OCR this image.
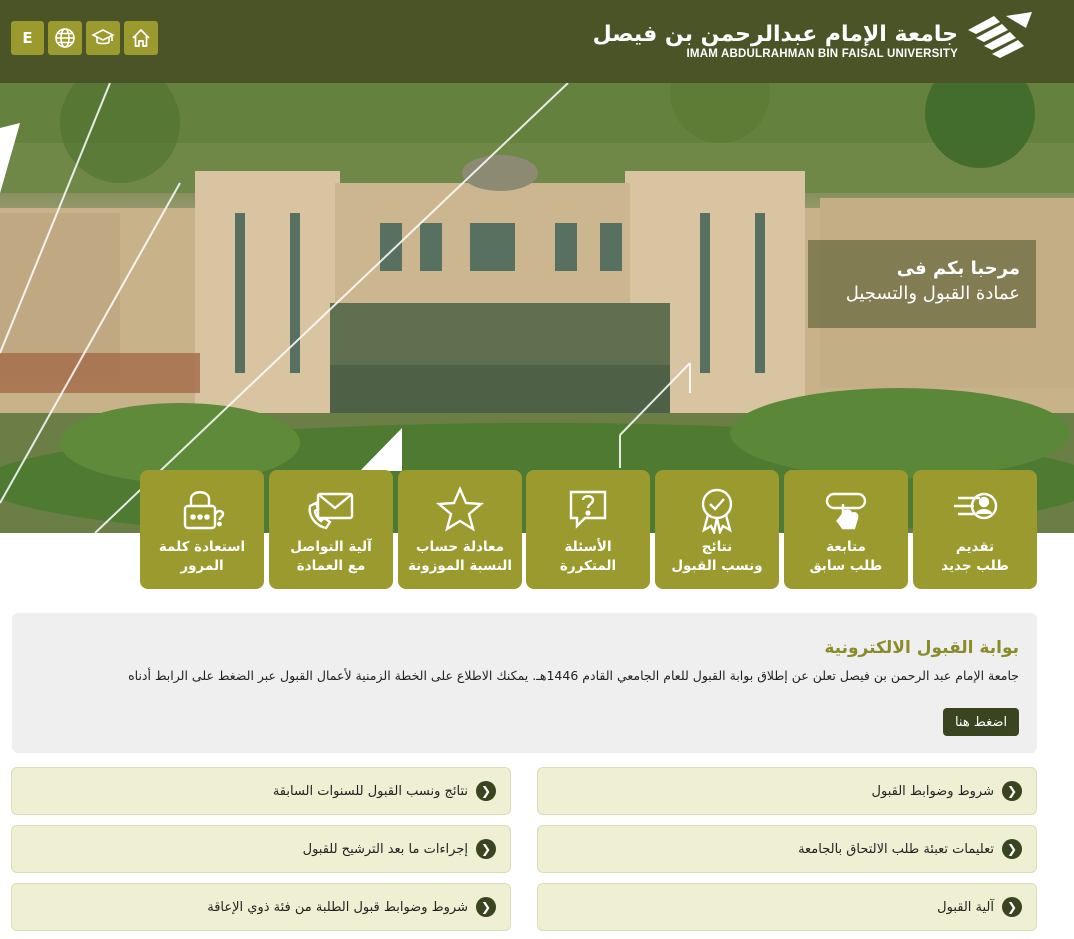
E	جامعة الإمام عبدالرحمن بن فيصل
IMAM ABDULRAHMAN BIN FAISAL UNIVERSITY
مرحبا بكم فى
عمادة القبول والتسجيل
تقديم
طلب جديد
متابعة
طلب سابق
نتائج
ونسب القبول
الأسئلة
المتكررة
معادلة حساب
النسبة الموزونة
آلية التواصل
مع العمادة
استعادة كلمة
المرور
بوابة القبول الالكترونية

جامعة الإمام عبد الرحمن بن فيصل تعلن عن إطلاق بوابة القبول للعام الجامعي القادم 1446هـ. يمكنك الاطلاع على الخطة الزمنية لأعمال القبول عبر الضغط على الرابط أدناه

اضغط هنا
❮
شروط وضوابط القبول
❮
تعليمات تعبئة طلب الالتحاق بالجامعة
❮
آلية القبول
❮
نتائج ونسب القبول للسنوات السابقة
❮
إجراءات ما بعد الترشيح للقبول
❮
شروط وضوابط قبول الطلبة من فئة ذوي الإعاقة
